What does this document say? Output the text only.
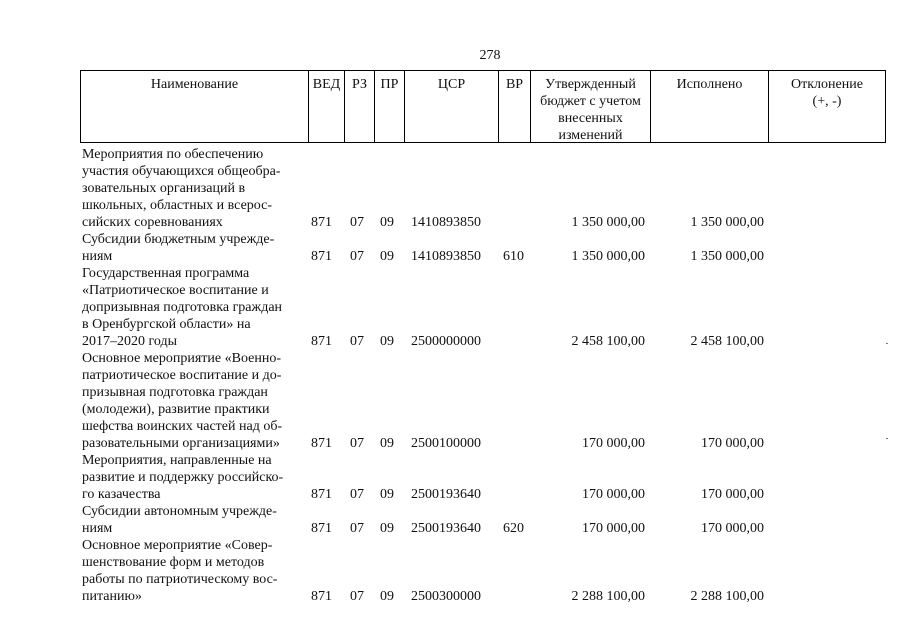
278
Наименование	ВЕД РЗ ПР	ЦСР	ВР	Утвержденный
бюджет с учетом
внесенных
изменений
Исполнено	Отклонение
(+, -)
Мероприятия по обеспечению
участия обучающихся общеобра-
зовательных организаций в
школьных, областных и всерос-
сийских соревнованиях	871 07 09 1410893850	1 350 000,00	1 350 000,00
Субсидии бюджетным учрежде-
ниям	871 07 09 1410893850 610	1 350 000,00	1 350 000,00
Государственная программа
«Патриотическое воспитание и
допризывная подготовка граждан
в Оренбургской области» на
2017–2020 годы	871 07 09 2500000000	2 458 100,00	2 458 100,00
Основное мероприятие «Военно-
патриотическое воспитание и до-
призывная подготовка граждан
(молодежи), развитие практики
шефства воинских частей над об-
разовательными организациями»	871 07 09 2500100000	170 000,00	170 000,00
Мероприятия, направленные на
развитие и поддержку российско-
го казачества	871 07 09 2500193640	170 000,00	170 000,00
Субсидии автономным учрежде-
ниям	871 07 09 2500193640 620	170 000,00	170 000,00
Основное мероприятие «Совер-
шенствование форм и методов
работы по патриотическому вос-
питанию»	871 07 09 2500300000	2 288 100,00	2 288 100,00
